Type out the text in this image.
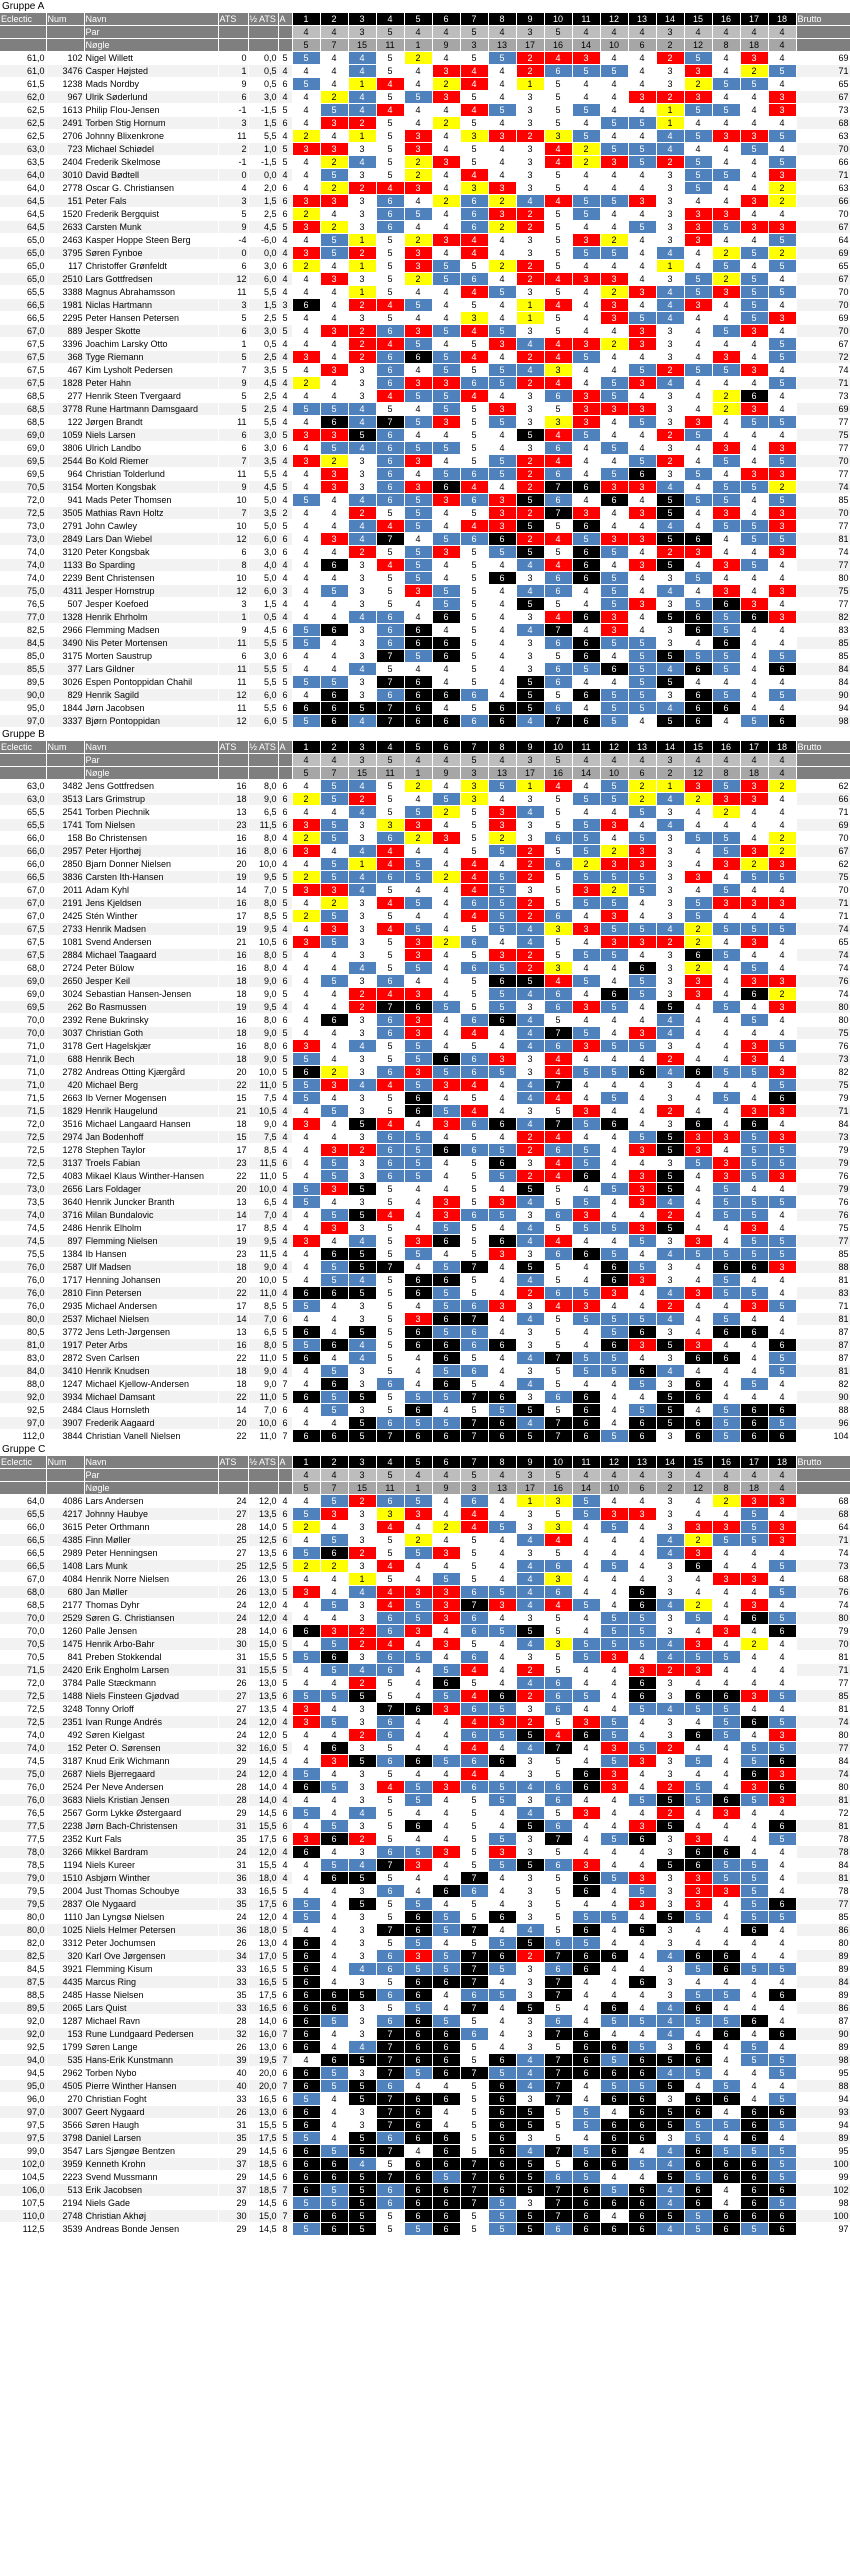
Gruppe A
Eclectic	Num	Navn	ATS	½ ATS	A	1	2	3	4	5	6	7	8	9	10	11	12	13	14	15	16	17	18	Brutto
		Par				4	4	3	5	4	4	5	4	3	5	4	4	4	3	4	4	4	4	
		Nøgle				5	7	15	11	1	9	3	13	17	16	14	10	6	2	12	8	18	4	
61,0	102	Nigel Willett	0	0,0	5	5	4	4	5	2	4	5	5	2	4	3	4	4	2	5	4	3	4	69
61,0	3476	Casper Højsted	1	0,5	4	4	4	4	5	4	3	4	4	2	6	5	5	4	3	3	4	2	5	71
61,5	1238	Mads Nordby	9	0,5	6	5	4	1	4	4	2	4	4	1	5	4	4	4	3	2	5	5	4	65
62,0	967	Ulrik Søderlund	6	3,0	4	4	2	4	5	5	3	5	4	3	5	4	4	3	2	3	4	4	3	67
62,5	1613	Philip Flou-Jensen	-1	-1,5	5	4	5	4	4	4	4	4	5	3	5	5	4	4	1	5	5	4	3	73
62,5	2491	Torben Stig Hornum	3	1,5	6	4	3	2	5	4	2	5	4	3	5	4	5	5	1	4	4	4	4	68
62,5	2706	Johnny Blixenkrone	11	5,5	4	2	4	1	5	3	4	3	3	2	3	5	4	4	4	5	3	3	5	63
63,0	723	Michael Schiødel	2	1,0	5	3	3	3	5	3	4	5	4	3	4	2	5	5	4	4	4	5	4	70
63,5	2404	Frederik Skelmose	-1	-1,5	5	4	2	4	5	2	3	5	4	3	4	2	3	5	2	5	4	4	5	66
64,0	3010	David Bødtell	0	0,0	4	4	5	3	5	2	4	4	4	3	5	4	4	4	3	5	5	4	3	71
64,0	2778	Oscar G. Christiansen	4	2,0	6	4	2	2	4	3	4	3	3	3	5	4	4	4	3	5	4	4	2	63
64,5	151	Peter Fals	3	1,5	6	3	3	3	6	4	2	6	2	4	4	5	5	3	3	4	4	3	2	66
64,5	1520	Frederik Bergquist	5	2,5	6	2	4	3	6	5	4	6	3	2	5	5	4	4	3	3	3	4	4	70
64,5	2633	Carsten Munk	9	4,5	5	3	2	3	6	4	4	6	2	2	5	4	4	5	3	3	5	3	3	67
65,0	2463	Kasper Hoppe Steen Berg	-4	-6,0	4	4	5	1	5	2	3	4	4	3	5	3	2	4	3	3	4	4	5	64
65,0	3795	Søren Fynboe	0	0,0	4	3	5	2	5	3	4	4	4	3	5	5	5	4	4	4	2	5	2	69
65,0	117	Christoffer Grønfeldt	6	3,0	6	2	4	1	5	3	5	5	2	2	5	4	4	4	1	4	5	4	5	65
65,0	2510	Lars Gottfredsen	12	6,0	4	4	3	3	5	2	5	6	4	2	4	3	3	4	3	5	2	5	4	67
65,5	3388	Magnus Abrahamsson	11	5,5	4	4	4	1	5	4	4	4	5	3	5	4	2	3	4	5	3	5	5	70
66,5	1981	Niclas Hartmann	3	1,5	3	6	4	2	4	5	4	5	4	1	4	4	3	4	4	3	4	5	4	70
66,5	2295	Peter Hansen Petersen	5	2,5	5	4	4	3	5	4	4	3	4	1	5	4	3	5	4	4	4	5	3	69
67,0	889	Jesper Skotte	6	3,0	5	4	3	2	6	3	5	4	5	3	5	4	4	3	3	4	5	3	4	70
67,5	3396	Joachim Larsky Otto	1	0,5	4	4	4	2	4	5	4	5	3	4	4	3	2	3	3	4	4	4	5	67
67,5	368	Tyge Riemann	5	2,5	4	3	4	2	6	6	5	4	4	2	4	5	4	4	3	4	3	4	5	72
67,5	467	Kim Lysholt Pedersen	7	3,5	5	4	3	3	6	4	5	5	5	4	3	4	4	5	2	5	5	3	4	74
67,5	1828	Peter Hahn	9	4,5	4	2	4	3	6	3	3	6	5	2	4	4	5	3	4	4	4	4	5	71
68,5	277	Henrik Steen Tvergaard	5	2,5	4	4	4	3	4	5	5	4	4	3	6	3	5	4	3	4	2	6	4	73
68,5	3778	Rune Hartmann Damsgaard	5	2,5	4	5	5	4	5	4	5	5	3	3	5	3	3	3	3	4	2	3	4	69
68,5	122	Jørgen Brandt	11	5,5	4	4	6	4	7	5	3	5	5	3	3	3	4	5	3	3	4	5	5	77
69,0	1059	Niels Larsen	6	3,0	5	3	3	5	6	4	4	5	4	5	4	5	4	4	2	5	4	4	4	75
69,0	3806	Ulrich Landbo	6	3,0	6	4	5	4	6	5	5	5	4	3	6	4	5	4	3	4	3	4	3	77
69,5	2544	Bo Kold Riemer	7	3,5	4	3	2	3	6	3	4	5	5	2	4	4	4	5	2	4	5	4	5	70
69,5	964	Christian Tolderlund	11	5,5	4	4	3	3	6	4	5	6	5	2	6	4	5	6	3	5	4	3	3	77
70,5	3154	Morten Kongsbak	9	4,5	5	4	3	3	6	3	6	4	4	2	7	6	3	3	4	4	5	5	2	74
72,0	941	Mads Peter Thomsen	10	5,0	4	5	4	4	6	5	3	6	3	5	6	4	6	4	5	5	5	4	5	85
72,5	3505	Mathias Ravn Holtz	7	3,5	2	4	4	2	5	5	4	5	3	2	7	3	4	3	5	4	3	4	3	70
73,0	2791	John Cawley	10	5,0	5	4	4	4	4	5	4	4	3	5	5	6	4	4	4	4	5	5	3	77
73,0	2849	Lars Dan Wiebel	12	6,0	6	4	3	4	7	4	5	6	6	2	4	5	3	3	5	6	4	5	5	81
74,0	3120	Peter Kongsbak	6	3,0	6	4	4	2	5	5	3	5	5	5	5	6	5	4	2	3	4	4	3	74
74,0	1133	Bo Sparding	8	4,0	4	4	6	3	4	5	4	5	4	4	4	6	4	3	5	4	3	5	4	77
74,0	2239	Bent Christensen	10	5,0	4	4	4	3	5	5	4	5	6	3	6	6	5	4	3	5	4	4	4	80
75,0	4311	Jesper Hornstrup	12	6,0	3	4	5	3	5	3	5	5	4	4	6	4	5	4	4	4	3	4	3	75
76,5	507	Jesper Koefoed	3	1,5	4	4	4	3	5	4	5	5	4	5	5	4	5	3	3	5	6	3	4	77
77,0	1328	Henrik Ehrholm	1	0,5	4	4	4	4	6	4	6	5	4	3	4	6	3	4	5	6	5	6	3	82
82,5	2966	Flemming Madsen	9	4,5	6	5	6	3	6	6	4	5	4	4	7	4	3	4	3	6	5	4	4	83
84,5	3490	Nis Peter Mortensen	11	5,5	5	5	4	3	6	6	6	5	4	3	6	6	5	5	3	4	6	4	4	85
85,0	3175	Morten Saustrup	6	3,0	6	4	4	3	7	5	6	5	4	3	5	6	4	5	5	5	5	4	5	85
85,5	377	Lars Gildner	11	5,5	5	4	4	4	5	4	4	5	4	3	6	5	6	5	4	6	5	4	6	84
89,5	3026	Espen Pontoppidan Chahil	11	5,5	5	5	5	3	7	6	4	5	4	5	6	4	4	5	5	4	4	4	4	84
90,0	829	Henrik Sagild	12	6,0	6	4	6	3	6	6	6	6	4	5	5	6	5	5	3	6	5	4	5	90
95,0	1844	Jørn Jacobsen	11	5,5	6	6	6	5	7	6	4	5	6	5	6	4	5	5	4	6	6	4	4	94
97,0	3337	Bjørn Pontoppidan	12	6,0	5	5	6	4	7	6	6	6	6	4	7	6	5	4	5	6	4	5	6	98
Gruppe B
Eclectic	Num	Navn	ATS	½ ATS	A	1	2	3	4	5	6	7	8	9	10	11	12	13	14	15	16	17	18	Brutto
		Par				4	4	3	5	4	4	5	4	3	5	4	4	4	3	4	4	4	4	
		Nøgle				5	7	15	11	1	9	3	13	17	16	14	10	6	2	12	8	18	4	
63,0	3482	Jens Gottfredsen	16	8,0	6	4	5	4	5	2	4	3	5	1	4	4	5	2	1	3	5	3	2	62
63,0	3513	Lars Grimstrup	18	9,0	6	2	5	2	5	4	5	3	4	3	5	5	5	2	4	2	3	3	4	66
65,5	2541	Torben Piechnik	13	6,5	6	4	4	4	5	5	2	5	3	4	5	4	4	5	3	4	2	4	4	71
65,5	1741	Tom Nielsen	23	11,5	6	3	5	3	3	3	4	5	3	3	5	5	3	4	4	4	4	4	4	69
66,0	158	Bo Christensen	16	8,0	4	2	5	3	6	2	3	5	2	3	6	5	4	5	3	5	5	4	2	70
66,0	2957	Peter Hjorthøj	16	8,0	6	3	4	4	4	4	4	5	5	2	5	5	2	3	3	4	5	3	2	67
66,0	2850	Bjarn Donner Nielsen	20	10,0	4	4	5	1	4	5	4	4	4	2	6	2	3	3	3	4	3	2	3	62
66,5	3836	Carsten Ith-Hansen	19	9,5	5	2	5	4	6	5	2	4	5	2	5	5	5	5	3	3	4	5	5	75
67,0	2011	Adam Kyhl	14	7,0	5	3	3	4	5	4	4	4	5	3	5	3	2	5	3	4	5	4	4	70
67,0	2191	Jens Kjeldsen	16	8,0	5	4	2	3	4	5	4	6	5	2	5	5	5	4	3	5	3	3	3	71
67,0	2425	Stén Winther	17	8,5	5	2	5	3	5	4	4	4	5	2	6	4	3	4	3	5	4	4	4	71
67,5	2733	Henrik Madsen	19	9,5	4	4	3	3	4	5	4	5	5	4	3	3	5	5	4	2	5	5	5	74
67,5	1081	Svend Andersen	21	10,5	6	3	5	3	5	3	2	6	4	4	5	4	3	3	2	2	4	3	4	65
67,5	2884	Michael Taagaard	16	8,0	5	4	4	3	5	3	4	5	3	2	5	5	5	4	3	6	5	4	4	74
68,0	2724	Peter Bülow	16	8,0	4	4	4	4	5	5	4	6	5	2	3	4	4	6	3	2	4	5	4	74
69,0	2650	Jesper Keil	18	9,0	6	4	5	3	6	4	4	5	6	5	4	5	4	5	3	3	4	3	3	76
69,0	3024	Sebastian Hansen-Jensen	18	9,0	5	4	4	2	4	3	4	5	5	4	6	4	6	5	3	3	4	6	2	74
69,5	262	Bo Rasmussen	19	9,5	4	4	4	2	7	6	5	5	5	3	6	3	5	4	5	4	5	4	3	80
70,0	2392	Rene Bukrinsky	16	8,0	6	4	6	3	6	3	4	6	6	4	5	4	4	4	4	4	4	5	4	80
70,0	3037	Christian Goth	18	9,0	5	4	4	3	6	3	4	4	4	4	7	5	4	3	4	4	4	4	4	75
71,0	3178	Gert Hagelskjær	16	8,0	6	3	4	4	5	5	4	5	4	4	6	3	5	5	3	4	4	3	5	76
71,0	688	Henrik Bech	18	9,0	5	5	4	3	5	5	6	6	3	3	4	4	4	4	2	4	4	3	4	73
71,0	2782	Andreas Otting Kjærgård	20	10,0	5	6	2	3	6	3	5	6	5	3	4	5	5	6	4	6	5	5	3	82
71,0	420	Michael Berg	22	11,0	5	5	3	4	4	5	3	4	4	4	7	4	4	4	3	4	4	4	5	75
71,5	2663	Ib Verner Mogensen	15	7,5	4	5	4	3	5	6	4	5	4	4	4	4	5	4	3	4	5	4	6	79
71,5	1829	Henrik Haugelund	21	10,5	4	4	5	3	5	6	5	4	4	3	5	3	4	4	2	4	4	3	3	71
72,0	3516	Michael Langaard Hansen	18	9,0	4	3	4	5	4	4	3	6	6	4	7	5	6	4	3	6	4	6	4	84
72,5	2974	Jan Bodenhoff	15	7,5	4	4	4	3	6	5	4	5	4	2	4	4	4	5	5	3	3	5	3	73
72,5	1278	Stephen Taylor	17	8,5	4	4	3	2	6	5	6	6	5	2	6	5	4	3	5	3	4	5	5	79
72,5	3137	Troels Fabian	23	11,5	6	4	5	3	6	5	4	5	6	3	4	5	4	4	3	5	3	5	5	79
72,5	4083	Mikael Klaus Winther-Hansen	22	11,0	5	4	5	3	6	5	4	5	5	2	4	6	4	3	5	4	3	5	3	76
73,0	2656	Lars Foldager	20	10,0	4	5	3	5	5	4	4	5	4	5	5	4	5	3	5	4	5	4	4	79
73,5	3640	Henrik Juncker Branth	13	6,5	4	5	4	3	5	4	3	5	3	4	5	5	4	3	4	4	5	5	5	76
74,0	3716	Milan Bundalovic	14	7,0	4	4	5	5	4	4	3	6	5	3	6	3	4	4	2	4	5	5	4	76
74,5	2486	Henrik Elholm	17	8,5	4	4	3	3	5	4	5	5	4	4	5	5	5	3	5	4	4	3	4	75
74,5	897	Flemming Nielsen	19	9,5	4	3	4	4	5	3	6	5	6	4	4	4	4	5	3	3	4	5	5	77
75,5	1384	Ib Hansen	23	11,5	4	4	6	5	5	5	4	5	3	3	6	6	5	4	4	5	5	5	5	85
76,0	2587	Ulf Madsen	18	9,0	4	4	5	5	7	4	5	7	4	5	5	4	6	5	3	4	6	6	3	88
76,0	1717	Henning Johansen	20	10,0	5	4	5	4	5	6	6	5	4	4	5	4	6	3	3	4	5	4	4	81
76,0	2810	Finn Petersen	22	11,0	4	6	6	5	5	6	5	5	4	2	6	5	3	4	4	3	5	5	4	83
76,0	2935	Michael Andersen	17	8,5	5	5	4	3	5	4	5	6	3	3	4	3	4	4	2	4	4	3	5	71
80,0	2537	Michael Nielsen	14	7,0	6	4	4	3	5	3	6	7	4	4	5	5	5	5	4	4	5	4	4	81
80,5	3772	Jens Leth-Jørgensen	13	6,5	5	6	4	5	5	6	5	6	4	3	5	4	5	6	3	4	6	6	4	87
81,0	1917	Peter Arbs	16	8,0	5	5	6	4	5	6	6	6	6	3	5	4	6	3	5	3	4	4	6	87
83,0	2872	Sven Carlsen	22	11,0	5	6	4	4	5	4	6	5	4	4	7	5	5	4	3	6	6	4	5	87
84,0	3410	Henrik Knudsen	18	9,0	4	4	5	3	5	4	5	6	4	3	5	5	5	6	4	4	4	4	5	81
88,0	1247	Michael Kjellow-Andersen	18	9,0	7	4	6	3	6	4	6	5	4	4	5	4	4	5	3	6	4	5	4	82
92,0	3934	Michael Damsant	22	11,0	5	6	5	5	5	5	5	7	6	3	6	6	4	4	5	6	4	4	4	90
92,5	2484	Claus Hornsleth	14	7,0	6	4	5	3	5	6	4	5	5	5	5	6	4	5	5	4	5	6	6	88
97,0	3907	Frederik Aagaard	20	10,0	6	4	4	5	6	5	5	7	6	4	7	6	4	6	5	6	5	6	5	96
112,0	3844	Christian Vanell Nielsen	22	11,0	7	6	6	5	7	6	6	7	6	5	7	6	5	6	3	6	5	6	6	104
Gruppe C
Eclectic	Num	Navn	ATS	½ ATS	A	1	2	3	4	5	6	7	8	9	10	11	12	13	14	15	16	17	18	Brutto
		Par				4	4	3	5	4	4	5	4	3	5	4	4	4	3	4	4	4	4	
		Nøgle				5	7	15	11	1	9	3	13	17	16	14	10	6	2	12	8	18	4	
64,0	4086	Lars Andersen	24	12,0	4	4	5	2	6	5	4	6	4	1	3	5	4	4	3	4	2	3	3	68
65,5	4217	Johnny Haubye	27	13,5	6	5	3	3	3	3	4	4	4	3	5	5	3	3	3	4	4	5	4	68
66,0	3615	Peter Orthmann	28	14,0	5	2	4	3	4	4	2	4	5	3	3	4	5	4	3	3	3	5	3	64
66,5	4385	Finn Møller	25	12,5	6	4	5	3	5	2	4	5	4	4	4	4	4	4	4	2	5	5	3	71
66,5	2989	Peter Henningsen	27	13,5	6	5	6	2	5	5	3	5	4	3	5	4	4	4	4	3	4	4	4	74
66,5	1408	Lars Munk	25	12,5	5	2	2	3	4	4	4	5	4	4	6	4	5	4	3	6	4	4	5	73
67,0	4084	Henrik Norre Nielsen	26	13,0	5	4	4	1	5	4	5	5	4	4	3	4	4	4	3	4	3	3	4	68
68,0	680	Jan Møller	26	13,0	5	3	4	4	4	3	3	6	5	4	6	4	4	6	3	4	4	4	5	76
68,5	2177	Thomas Dyhr	24	12,0	4	4	5	3	4	5	3	7	3	4	4	5	4	6	4	2	4	3	4	74
70,0	2529	Søren G. Christiansen	24	12,0	4	4	4	3	6	5	3	6	4	3	5	4	5	5	3	5	4	6	5	80
70,0	1260	Palle Jensen	28	14,0	6	6	3	2	6	3	4	6	5	5	5	4	5	5	3	4	3	4	6	79
70,5	1475	Henrik Arbo-Bahr	30	15,0	5	4	5	2	4	4	3	5	4	4	3	5	5	5	4	3	4	2	4	70
70,5	841	Preben Stokkendal	31	15,5	5	5	6	3	6	5	4	6	4	3	5	5	3	4	4	5	5	4	4	81
71,5	2420	Erik Engholm Larsen	31	15,5	5	4	5	4	6	4	5	4	4	2	5	4	4	3	2	3	4	4	4	71
72,0	3784	Palle Stæckmann	26	13,0	5	4	4	2	5	4	6	5	4	4	6	4	4	6	3	4	4	4	4	77
72,5	1488	Niels Finsteen Gjødvad	27	13,5	6	5	5	5	5	4	5	4	6	2	6	5	4	6	3	6	6	3	5	85
72,5	3248	Tonny Orloff	27	13,5	4	3	4	3	7	6	3	6	5	3	6	4	4	5	4	5	5	4	4	81
72,5	2351	Ivan Runge Andrés	24	12,0	4	3	5	3	6	4	4	4	3	2	5	3	5	4	3	4	5	6	5	74
74,0	492	Søren Kielgast	24	12,0	5	4	4	2	6	4	4	6	5	5	4	6	5	4	3	6	5	4	3	80
74,0	152	Peter O. Sørensen	32	16,0	5	4	6	3	5	4	4	4	4	4	7	4	3	5	2	4	4	5	5	77
74,5	3187	Knud Erik Wichmann	29	14,5	4	4	3	5	6	6	5	6	6	3	5	4	5	3	3	5	4	5	6	84
75,0	2687	Niels Bjerregaard	24	12,0	4	5	4	3	5	4	4	4	4	3	5	6	3	4	3	4	4	6	3	74
76,0	2524	Per Neve Andersen	28	14,0	4	6	5	3	4	5	3	6	5	4	6	6	3	4	2	5	4	3	6	80
76,0	3683	Niels Kristian Jensen	28	14,0	4	4	4	3	5	5	4	5	5	3	6	4	4	5	5	5	6	5	3	81
76,5	2567	Gorm Lykke Østergaard	29	14,5	6	5	4	4	5	4	4	5	4	4	5	3	4	4	2	4	3	4	4	72
77,5	2238	Jørn Bach-Christensen	31	15,5	6	4	5	3	5	6	4	5	4	5	6	4	4	3	5	4	4	4	6	81
77,5	2352	Kurt Fals	35	17,5	6	3	6	2	5	4	4	5	5	3	7	4	5	6	3	3	4	4	5	78
78,0	3266	Mikkel Bardram	24	12,0	4	6	4	3	6	5	3	5	3	3	5	4	4	4	3	6	6	4	4	78
78,5	1194	Niels Kureer	31	15,5	4	4	5	4	7	3	4	5	5	5	6	3	4	4	5	6	5	5	4	84
79,0	1510	Asbjørn Winther	36	18,0	4	4	6	5	5	4	4	7	4	3	5	6	5	3	3	3	5	5	4	81
79,5	2004	Just Thomas Schoubye	33	16,5	5	4	4	3	6	4	6	6	4	3	5	6	4	5	3	3	3	5	4	78
79,5	2837	Ole Nygaard	35	17,5	6	5	4	5	5	5	4	5	4	3	5	4	4	3	3	3	4	5	6	77
80,0	1110	Jan Lyngsø Nielsen	24	12,0	4	5	4	3	5	6	5	5	6	3	5	5	5	4	5	5	4	5	5	85
80,0	1025	Niels Helmer Petersen	36	18,0	5	4	4	3	7	6	5	7	4	4	5	6	4	6	3	4	4	6	4	86
82,0	3312	Peter Jochumsen	26	13,0	4	6	4	3	5	5	4	5	5	5	6	5	4	4	3	4	4	4	4	80
82,5	320	Karl Ove Jørgensen	34	17,0	5	6	4	3	6	3	5	7	6	2	7	6	6	4	4	6	6	4	4	89
84,5	3921	Flemming Kisum	33	16,5	5	6	4	4	6	5	5	7	5	3	6	6	4	4	3	5	6	5	5	89
87,5	4435	Marcus Ring	33	16,5	5	6	4	3	5	6	6	7	4	3	7	4	4	6	3	4	4	4	4	84
88,5	2485	Hasse Nielsen	35	17,5	6	6	6	5	6	6	4	6	5	3	7	4	4	4	3	5	5	4	6	89
89,5	2065	Lars Quist	33	16,5	6	6	6	3	5	5	4	7	4	5	5	4	6	4	4	6	4	4	4	86
92,0	1287	Michael Ravn	28	14,0	6	6	5	3	6	6	5	5	4	3	6	4	5	5	4	5	5	6	4	87
92,0	153	Rune Lundgaard Pedersen	32	16,0	7	6	4	3	7	6	6	6	4	3	7	6	4	4	4	4	6	4	6	90
92,5	1799	Søren Lange	26	13,0	6	6	4	4	7	6	6	5	4	3	5	6	6	5	3	6	4	5	4	89
94,0	535	Hans-Erik Kunstmann	39	19,5	7	4	6	5	7	6	6	5	6	4	7	6	5	6	5	6	4	5	5	98
94,5	2962	Torben Nybo	40	20,0	6	6	5	3	7	5	6	7	5	4	7	6	6	6	4	5	4	4	5	95
95,0	4505	Pierre Winther Hansen	40	20,0	7	6	5	5	6	4	4	5	6	4	7	4	5	5	5	4	5	4	4	88
96,0	270	Christian Foght	33	16,5	6	5	4	5	7	6	6	5	6	3	7	4	6	6	3	6	6	4	5	94
97,0	3007	Geert Nygaard	26	13,0	6	6	4	3	7	6	4	5	6	5	5	5	4	6	5	6	4	6	6	93
97,5	3566	Søren Haugh	31	15,5	5	6	4	3	7	6	4	5	6	5	5	5	6	6	5	5	5	6	5	94
97,5	3798	Daniel Larsen	35	17,5	5	5	4	5	6	6	6	5	6	3	5	4	6	6	3	5	4	6	4	89
99,0	3547	Lars Sjøngøe Bentzen	29	14,5	6	6	5	5	7	4	6	5	6	4	7	5	6	4	4	6	5	5	5	95
102,0	3959	Kenneth Krohn	37	18,5	6	6	6	4	5	6	6	7	6	5	5	6	6	5	4	6	6	6	5	100
104,5	2223	Svend Mussmann	29	14,5	6	6	6	5	7	6	5	7	6	5	6	5	4	4	5	5	6	6	5	99
106,0	513	Erik Jacobsen	37	18,5	7	6	5	5	6	6	6	7	6	5	7	6	5	6	4	6	4	6	6	102
107,5	2194	Niels Gade	29	14,5	6	5	5	5	6	6	6	7	5	3	7	6	6	6	4	6	4	6	5	98
110,0	2748	Christian Akhøj	30	15,0	7	6	6	5	5	6	6	5	5	5	7	6	4	6	5	5	6	6	6	100
112,5	3539	Andreas Bonde Jensen	29	14,5	8	5	6	5	5	5	6	5	5	5	6	6	6	6	4	5	6	5	6	97
